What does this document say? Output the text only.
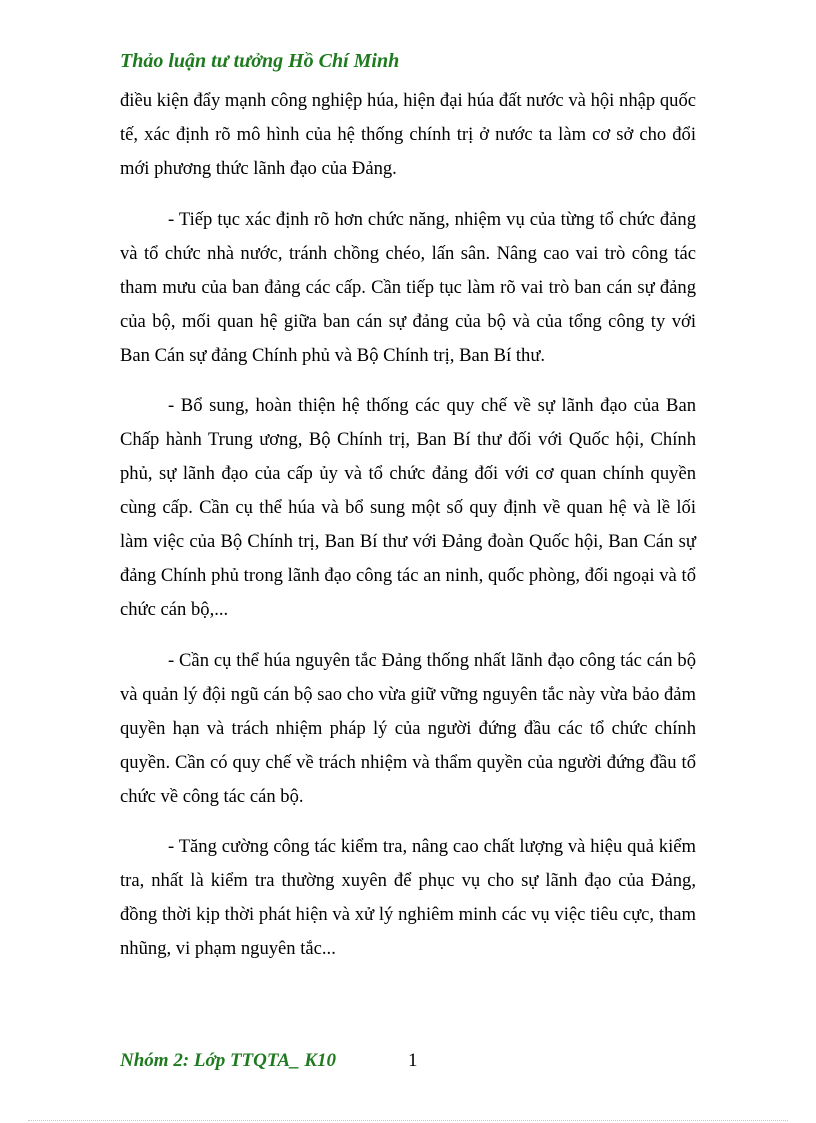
Thảo luận tư tưởng Hồ Chí Minh

điều kiện đẩy mạnh công nghiệp húa, hiện đại húa đất nước và hội nhập quốc tế, xác định rõ mô hình của hệ thống chính trị ở nước ta làm cơ sở cho đổi mới phương thức lãnh đạo của Đảng.

- Tiếp tục xác định rõ hơn chức năng, nhiệm vụ của từng tổ chức đảng và tổ chức nhà nước, tránh chồng chéo, lấn sân. Nâng cao vai trò công tác tham mưu của ban đảng các cấp. Cần tiếp tục làm rõ vai trò ban cán sự đảng của bộ, mối quan hệ giữa ban cán sự đảng của bộ và của tổng công ty với Ban Cán sự đảng Chính phủ và Bộ Chính trị, Ban Bí thư.

- Bổ sung, hoàn thiện hệ thống các quy chế về sự lãnh đạo của Ban Chấp hành Trung ương, Bộ Chính trị, Ban Bí thư đối với Quốc hội, Chính phủ, sự lãnh đạo của cấp ủy và tổ chức đảng đối với cơ quan chính quyền cùng cấp. Cần cụ thể húa và bổ sung một số quy định về quan hệ và lề lối làm việc của Bộ Chính trị, Ban Bí thư với Đảng đoàn Quốc hội, Ban Cán sự đảng Chính phủ trong lãnh đạo công tác an ninh, quốc phòng, đối ngoại và tổ chức cán bộ,...

- Cần cụ thể húa nguyên tắc Đảng thống nhất lãnh đạo công tác cán bộ và quản lý đội ngũ cán bộ sao cho vừa giữ vững nguyên tắc này vừa bảo đảm quyền hạn và trách nhiệm pháp lý của người đứng đầu các tổ chức chính quyền. Cần có quy chế về trách nhiệm và thẩm quyền của người đứng đầu tổ chức về công tác cán bộ.

- Tăng cường công tác kiểm tra, nâng cao chất lượng và hiệu quả kiểm tra, nhất là kiểm tra thường xuyên để phục vụ cho sự lãnh đạo của Đảng, đồng thời kịp thời phát hiện và xử lý nghiêm minh các vụ việc tiêu cực, tham nhũng, vi phạm nguyên tắc...

Nhóm 2: Lớp TTQTA_ K10	1
